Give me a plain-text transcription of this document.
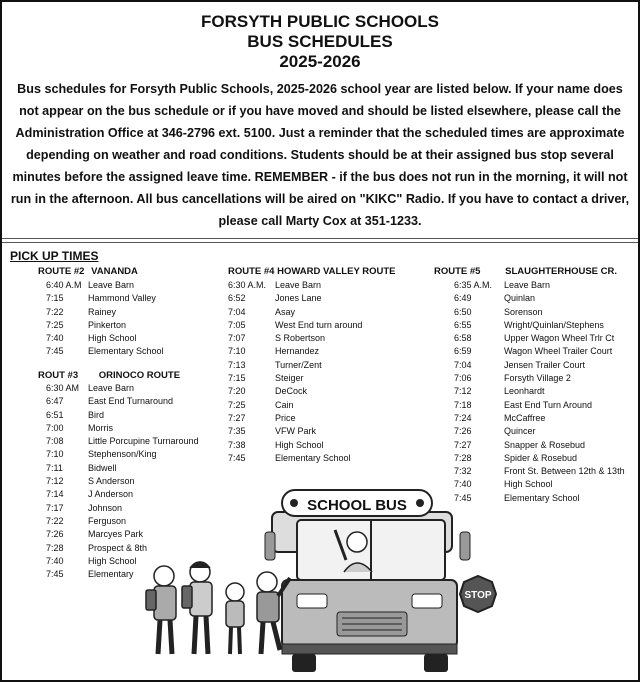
FORSYTH PUBLIC SCHOOLS
BUS SCHEDULES
2025-2026
Bus schedules for Forsyth Public Schools, 2025-2026 school year are listed below. If your name does not appear on the bus schedule or if you have moved and should be listed elsewhere, please call the Administration Office at 346-2796 ext. 5100. Just a reminder that the scheduled times are approximate depending on weather and road conditions. Students should be at their assigned bus stop several minutes before the assigned leave time. REMEMBER - if the bus does not run in the morning, it will not run in the afternoon. All bus cancellations will be aired on "KIKC" Radio. If you have to contact a driver, please call Marty Cox at 351-1233.
PICK UP TIMES
ROUTE #2 VANANDA
6:40 A.M Leave Barn
7:15	Hammond Valley
7:22	Rainey
7:25	Pinkerton
7:40	High School
7:45	Elementary School
ROUT #3 ORINOCO ROUTE
6:30 AM Leave Barn
6:47	East End Turnaround
6:51	Bird
7:00	Morris
7:08	Little Porcupine Turnaround
7:10	Stephenson/King
7:11	Bidwell
7:12	S Anderson
7:14	J Anderson
7:17	Johnson
7:22	Ferguson
7:26	Marcyes Park
7:28	Prospect & 8th
7:40	High School
7:45	Elementary
ROUTE #4 HOWARD VALLEY ROUTE
6:30 A.M. Leave Barn
6:52	Jones Lane
7:04	Asay
7:05	West End turn around
7:07	S Robertson
7:10	Hernandez
7:13	Turner/Zent
7:15	Steiger
7:20	DeCock
7:25	Cain
7:27	Price
7:35	VFW Park
7:38	High School
7:45	Elementary School
ROUTE #5	SLAUGHTERHOUSE CR.
6:35 A.M.	Leave Barn
6:49	Quinlan
6:50	Sorenson
6:55	Wright/Quinlan/Stephens
6:58	Upper Wagon Wheel Trlr Ct
6:59	Wagon Wheel Trailer Court
7:04	Jensen Trailer Court
7:06	Forsyth Village 2
7:12	Leonhardt
7:18	East End Turn Around
7:24	McCaffree
7:26	Quincer
7:27	Snapper & Rosebud
7:28	Spider & Rosebud
7:32	Front St. Between 12th & 13th
7:40	High School
7:45	Elementary School
SCHOOL BUS
STOP
